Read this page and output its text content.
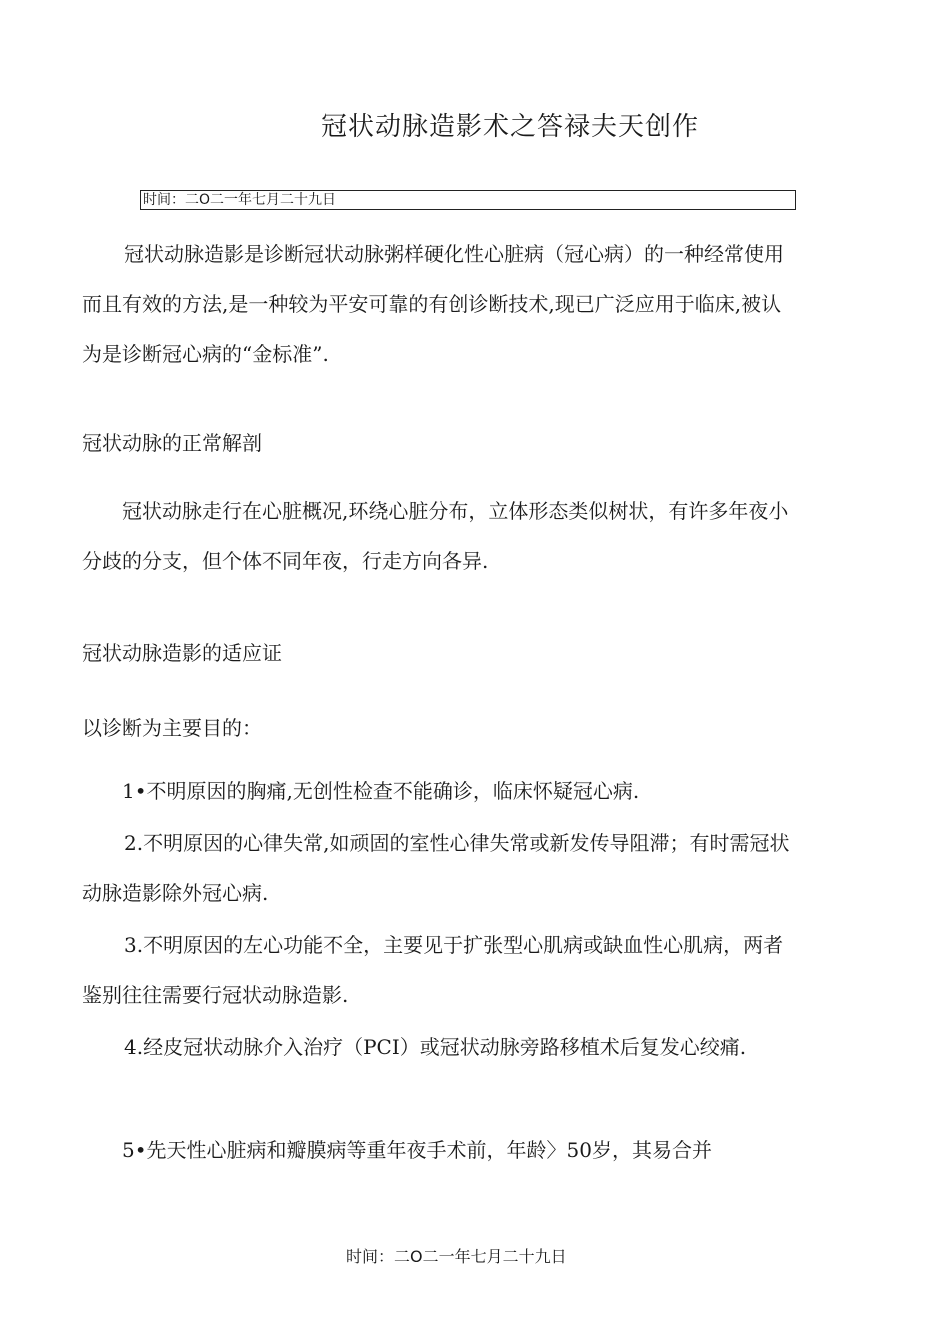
冠状动脉造影术之答禄夫天创作
时间：二O二一年七月二十九日

冠状动脉造影是诊断冠状动脉粥样硬化性心脏病（冠心病）的一种经常使用而且有效的方法,是一种较为平安可靠的有创诊断技术,现已广泛应用于临床,被认为是诊断冠心病的“金标准”.

冠状动脉的正常解剖

冠状动脉走行在心脏概况,环绕心脏分布，立体形态类似树状，有许多年夜小分歧的分支，但个体不同年夜，行走方向各异.

冠状动脉造影的适应证

以诊断为主要目的：

1•不明原因的胸痛,无创性检查不能确诊，临床怀疑冠心病.

2.不明原因的心律失常,如顽固的室性心律失常或新发传导阻滞；有时需冠状动脉造影除外冠心病.

3.不明原因的左心功能不全，主要见于扩张型心肌病或缺血性心肌病，两者鉴别往往需要行冠状动脉造影.

4.经皮冠状动脉介入治疗（PCI）或冠状动脉旁路移植术后复发心绞痛.

5•先天性心脏病和瓣膜病等重年夜手术前，年龄〉50岁，其易合并

时间：二O二一年七月二十九日
